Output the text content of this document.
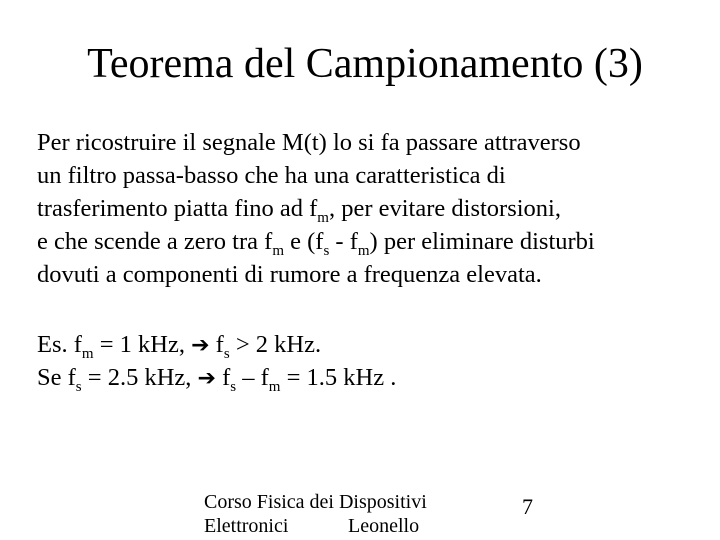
Teorema del Campionamento (3)
Per ricostruire il segnale M(t) lo si fa passare attraverso
un filtro passa-basso che ha una caratteristica di
trasferimento piatta fino ad $f_m$, per evitare distorsioni,
e che scende a zero tra $f_m$ e $(f_s - f_m)$ per eliminare disturbi
dovuti a componenti di rumore a frequenza elevata.
Es. $f_m = 1$ kHz, ➔ $f_s > 2$ kHz.
Se $f_s = 2.5$ kHz, ➔ $f_s - f_m = 1.5$ kHz .
Corso Fisica dei Dispositivi
Elettronici	Leonello
7
